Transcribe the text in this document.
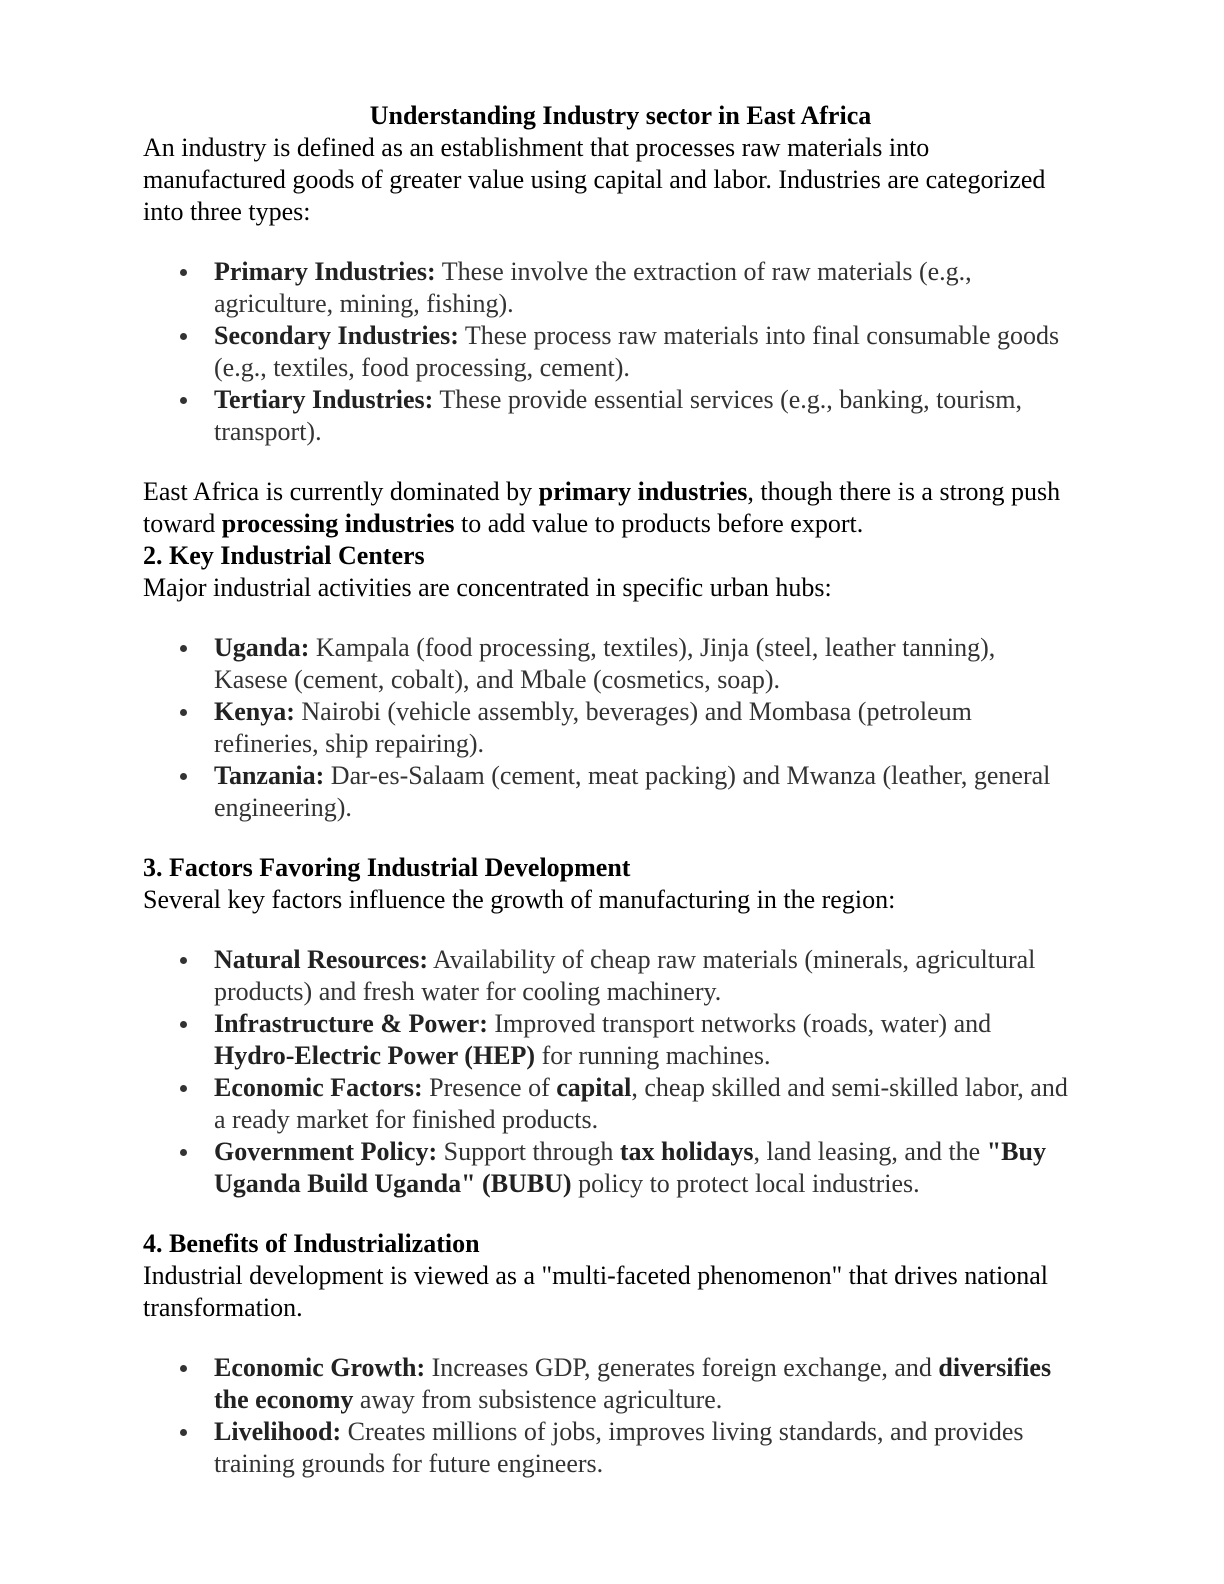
Understanding Industry sector in East Africa

An industry is defined as an establishment that processes raw materials into manufactured goods of greater value using capital and labor. Industries are categorized into three types:

Primary Industries: These involve the extraction of raw materials (e.g., agriculture, mining, fishing).
Secondary Industries: These process raw materials into final consumable goods (e.g., textiles, food processing, cement).
Tertiary Industries: These provide essential services (e.g., banking, tourism, transport).

East Africa is currently dominated by primary industries, though there is a strong push toward processing industries to add value to products before export.

2. Key Industrial Centers

Major industrial activities are concentrated in specific urban hubs:

Uganda: Kampala (food processing, textiles), Jinja (steel, leather tanning), Kasese (cement, cobalt), and Mbale (cosmetics, soap).
Kenya: Nairobi (vehicle assembly, beverages) and Mombasa (petroleum refineries, ship repairing).
Tanzania: Dar-es-Salaam (cement, meat packing) and Mwanza (leather, general engineering).
3. Factors Favoring Industrial Development

Several key factors influence the growth of manufacturing in the region:

Natural Resources: Availability of cheap raw materials (minerals, agricultural products) and fresh water for cooling machinery.
Infrastructure & Power: Improved transport networks (roads, water) and Hydro-Electric Power (HEP) for running machines.
Economic Factors: Presence of capital, cheap skilled and semi-skilled labor, and a ready market for finished products.
Government Policy: Support through tax holidays, land leasing, and the "Buy Uganda Build Uganda" (BUBU) policy to protect local industries.
4. Benefits of Industrialization

Industrial development is viewed as a "multi-faceted phenomenon" that drives national transformation.

Economic Growth: Increases GDP, generates foreign exchange, and diversifies the economy away from subsistence agriculture.
Livelihood: Creates millions of jobs, improves living standards, and provides training grounds for future engineers.
